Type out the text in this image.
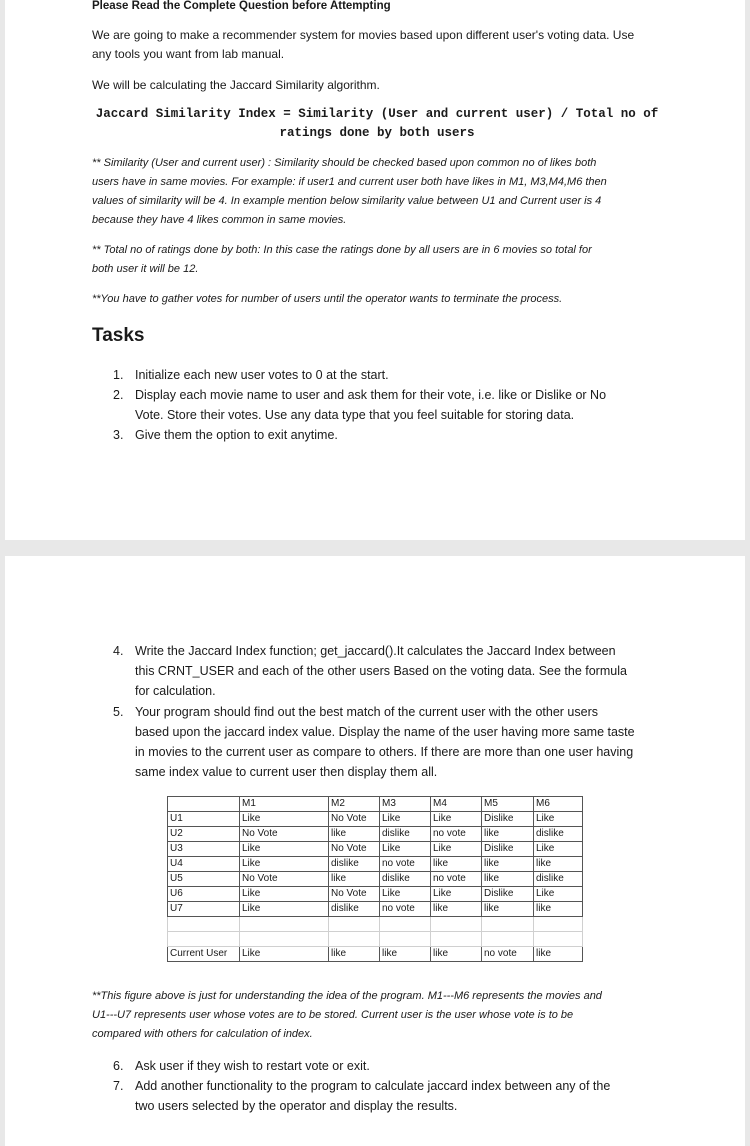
Please Read the Complete Question before Attempting
We are going to make a recommender system for movies based upon different user's voting data. Use
any tools you want from lab manual.
We will be calculating the Jaccard Similarity algorithm.
Jaccard Similarity Index = Similarity (User and current user) / Total no of
ratings done by both users
** Similarity (User and current user) : Similarity should be checked based upon common no of likes both
users have in same movies. For example: if user1 and current user both have likes in M1, M3,M4,M6 then
values of similarity will be 4. In example mention below similarity value between U1 and Current user is 4
because they have 4 likes common in same movies.
** Total no of ratings done by both: In this case the ratings done by all users are in 6 movies so total for
both user it will be 12.
**You have to gather votes for number of users until the operator wants to terminate the process.
Tasks
1. Initialize each new user votes to 0 at the start.
2. Display each movie name to user and ask them for their vote, i.e. like or Dislike or No
Vote. Store their votes. Use any data type that you feel suitable for storing data.
3. Give them the option to exit anytime.
4. Write the Jaccard Index function; get_jaccard().It calculates the Jaccard Index between
this CRNT_USER and each of the other users Based on the voting data. See the formula
for calculation.
5. Your program should find out the best match of the current user with the other users
based upon the jaccard index value. Display the name of the user having more same taste
in movies to the current user as compare to others. If there are more than one user having
same index value to current user then display them all.
	M1	M2	M3	M4	M5	M6
U1	Like	No Vote	Like	Like	Dislike	Like
U2	No Vote	like	dislike	no vote	like	dislike
U3	Like	No Vote	Like	Like	Dislike	Like
U4	Like	dislike	no vote	like	like	like
U5	No Vote	like	dislike	no vote	like	dislike
U6	Like	No Vote	Like	Like	Dislike	Like
U7	Like	dislike	no vote	like	like	like

Current User	Like	like	like	like	no vote	like
**This figure above is just for understanding the idea of the program. M1---M6 represents the movies and
U1---U7 represents user whose votes are to be stored. Current user is the user whose vote is to be
compared with others for calculation of index.
6. Ask user if they wish to restart vote or exit.
7. Add another functionality to the program to calculate jaccard index between any of the
two users selected by the operator and display the results.
